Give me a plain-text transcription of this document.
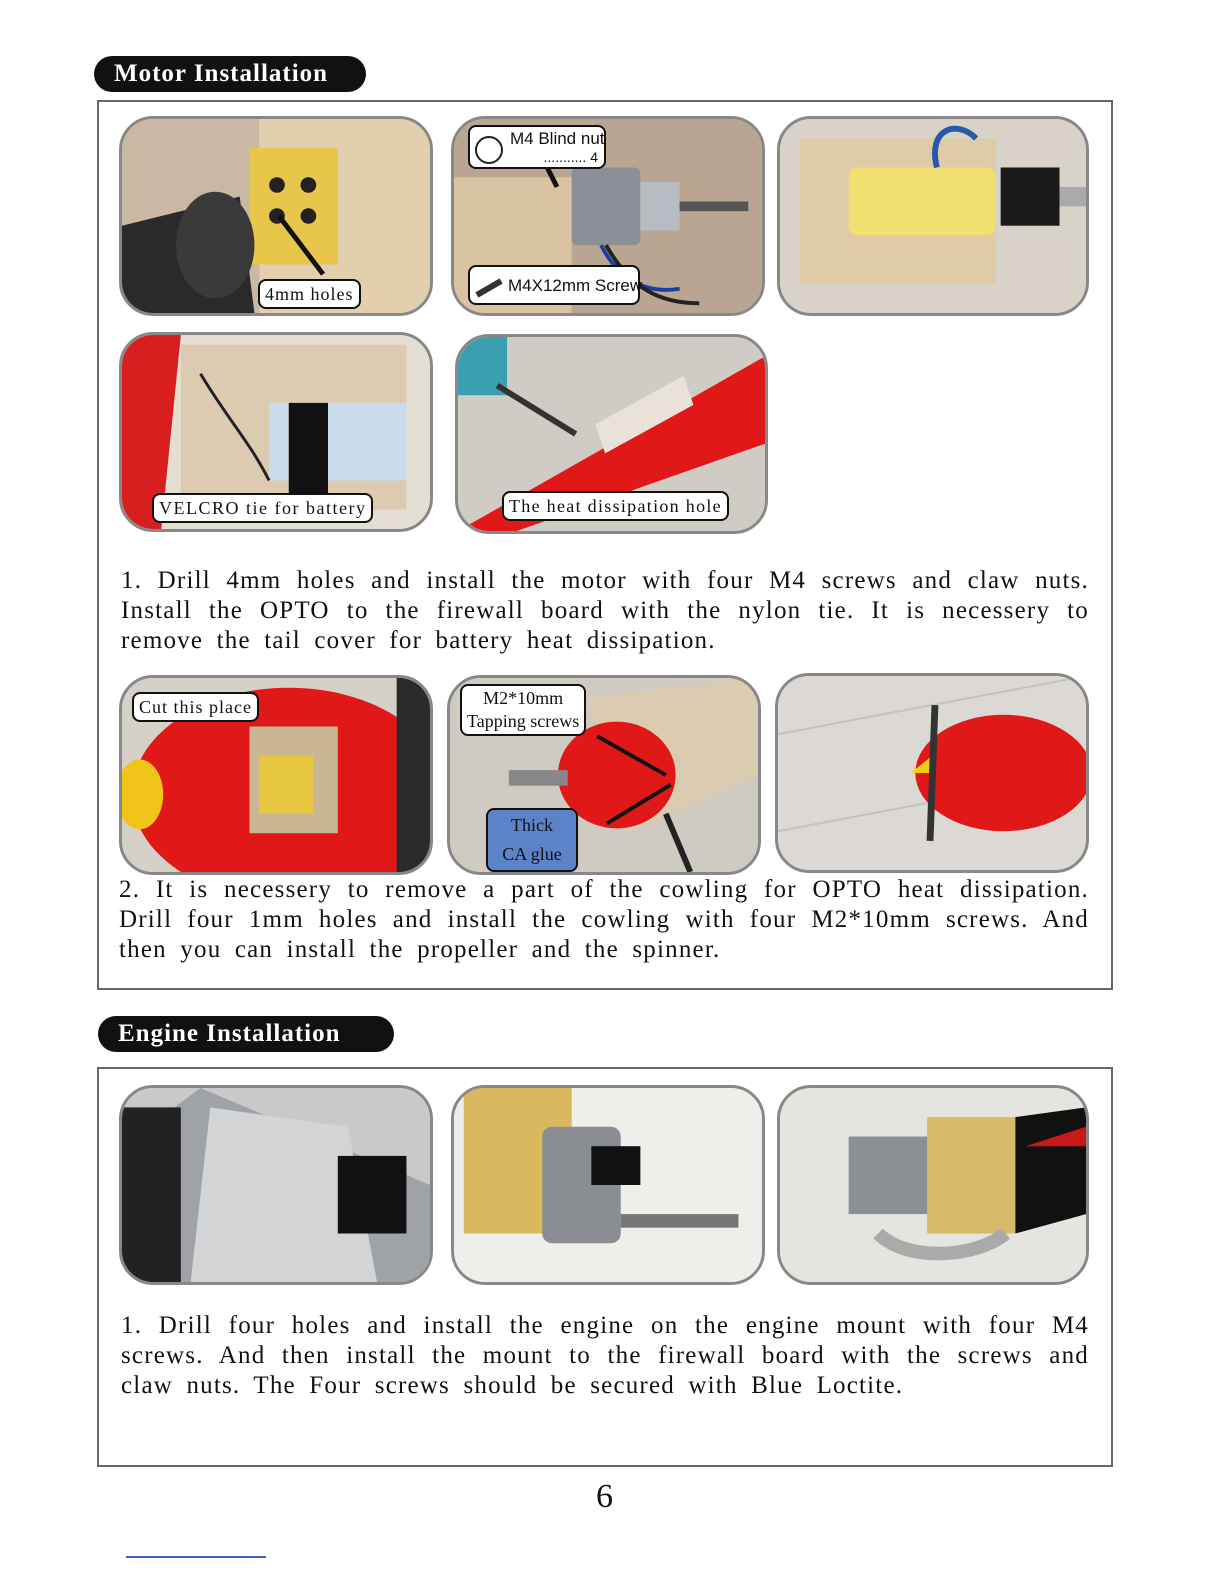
Motor Installation
4mm holes
M4 Blind nut
........... 4
M4X12mm Screw
VELCRO tie for battery	The heat dissipation hole
1. Drill 4mm holes and install the motor with four M4 screws and claw nuts. Install the OPTO to the firewall board with the nylon tie. It is necessery to remove the tail cover for battery heat dissipation.
Cut this place	M2*10mm
Tapping screws
Thick
CA glue
2. It is necessery to remove a part of the cowling for OPTO heat dissipation. Drill four 1mm holes and install the cowling with four M2*10mm screws. And then you can install the propeller and the spinner.
Engine Installation
1. Drill four holes and install the engine on the engine mount with four M4 screws. And then install the mount to the firewall board with the screws and claw nuts. The Four screws should be secured with Blue Loctite.
6
